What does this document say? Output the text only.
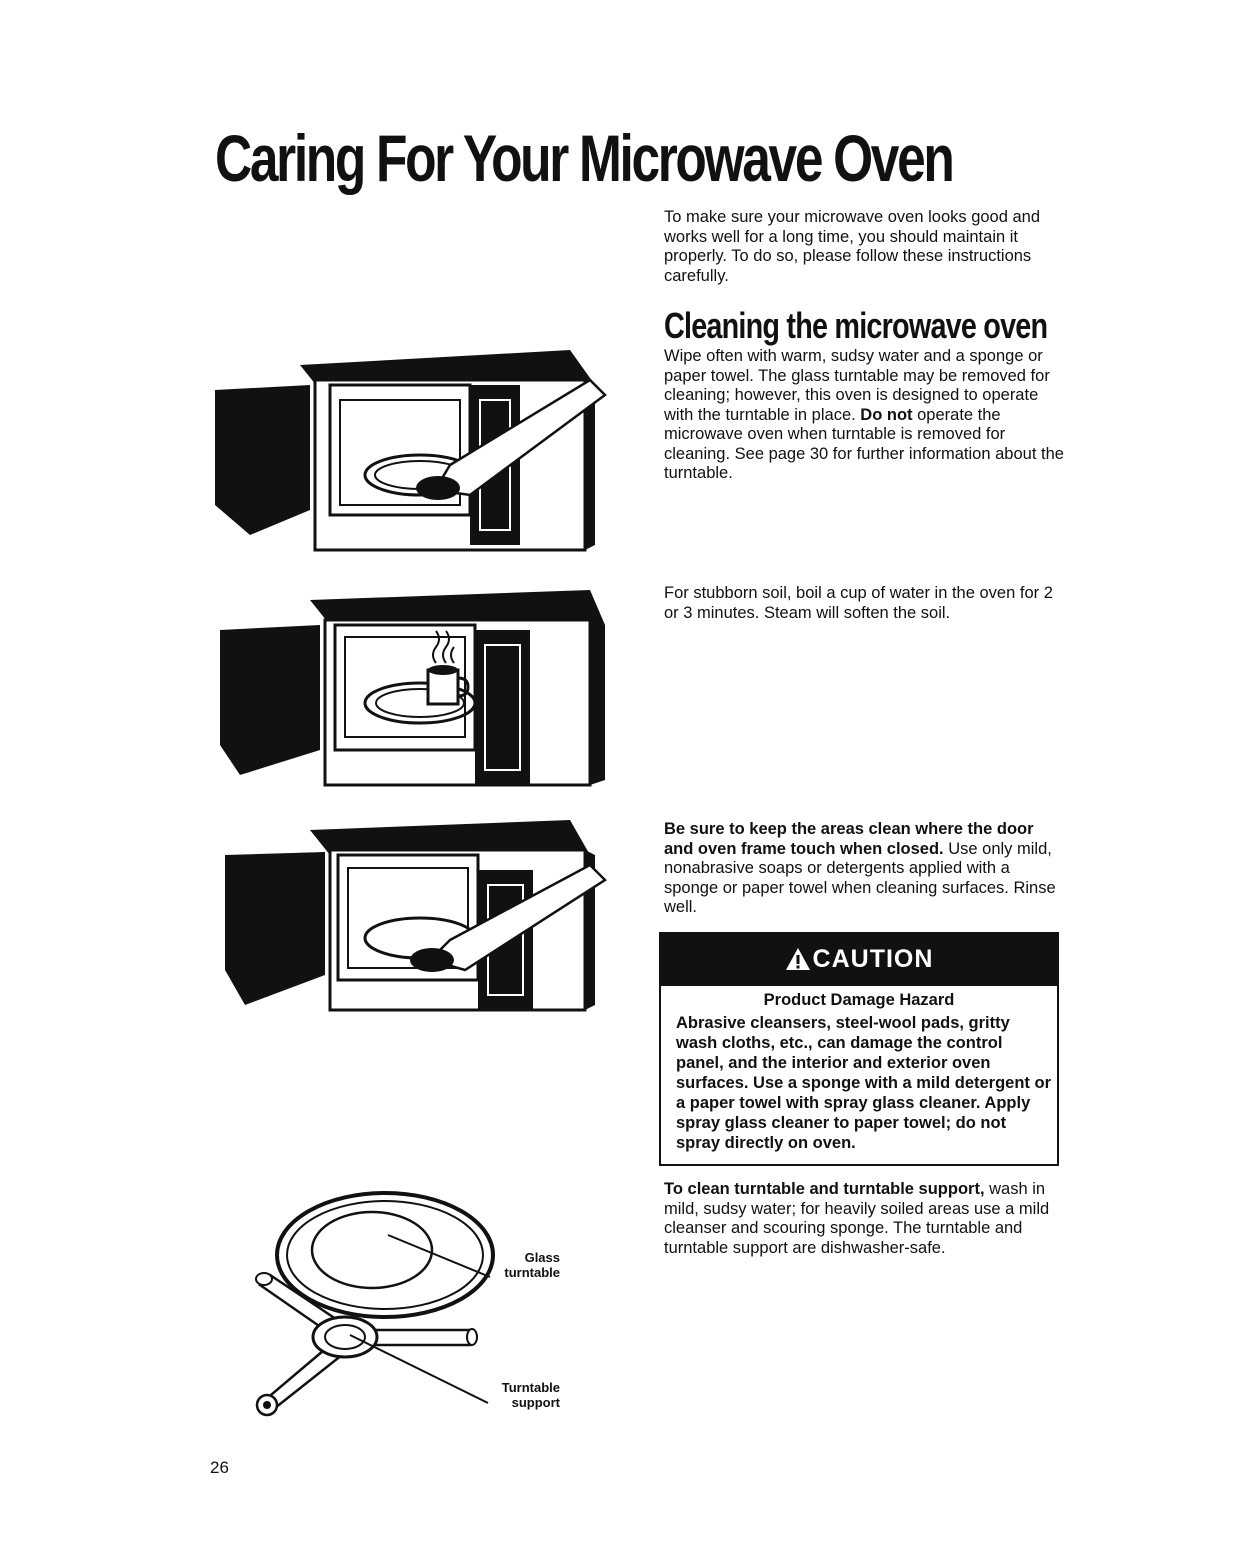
Caring For Your Microwave Oven

To make sure your microwave oven looks good and works well for a long time, you should maintain it properly. To do so, please follow these instructions carefully.

Cleaning the microwave oven

Wipe often with warm, sudsy water and a sponge or paper towel. The glass turntable may be removed for cleaning; however, this oven is designed to operate with the turntable in place. Do not operate the microwave oven when turntable is removed for cleaning. See page 30 for further information about the turntable.

For stubborn soil, boil a cup of water in the oven for 2 or 3 minutes. Steam will soften the soil.

Be sure to keep the areas clean where the door and oven frame touch when closed. Use only mild, nonabrasive soaps or detergents applied with a sponge or paper towel when cleaning surfaces. Rinse well.

CAUTION
Product Damage Hazard

Abrasive cleansers, steel-wool pads, gritty wash cloths, etc., can damage the control panel, and the interior and exterior oven surfaces. Use a sponge with a mild detergent or a paper towel with spray glass cleaner. Apply spray glass cleaner to paper towel; do not spray directly on oven.

To clean turntable and turntable support, wash in mild, sudsy water; for heavily soiled areas use a mild cleanser and scouring sponge. The turntable and turntable support are dishwasher-safe.

Glass
turntable
Turntable
support
26
